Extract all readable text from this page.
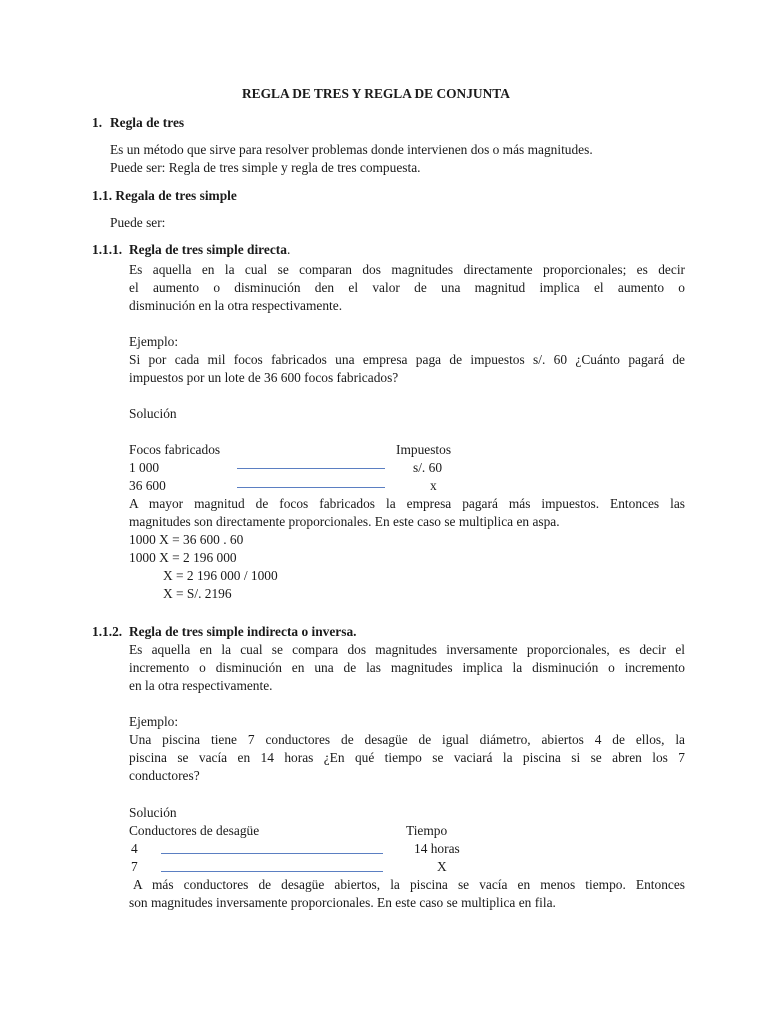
REGLA DE TRES Y REGLA DE CONJUNTA
1. Regla de tres
Es un método que sirve para resolver problemas donde intervienen dos o más magnitudes.
Puede ser: Regla de tres simple y regla de tres compuesta.
1.1. Regala de tres simple
Puede ser:
1.1.1. Regla de tres simple directa.
Es aquella en la cual se comparan dos magnitudes directamente proporcionales; es decir
el aumento o disminución den el valor de una magnitud implica el aumento o
disminución en la otra respectivamente.
Ejemplo:
Si por cada mil focos fabricados una empresa paga de impuestos s/. 60 ¿Cuánto pagará de
impuestos por un lote de 36 600 focos fabricados?
Solución
Focos fabricados	Impuestos
1 000	s/. 60
36 600	x
A mayor magnitud de focos fabricados la empresa pagará más impuestos. Entonces las
magnitudes son directamente proporcionales. En este caso se multiplica en aspa.
1000 X = 36 600 . 60
1000 X = 2 196 000
X = 2 196 000 / 1000
X = S/. 2196
1.1.2. Regla de tres simple indirecta o inversa.
Es aquella en la cual se compara dos magnitudes inversamente proporcionales, es decir el
incremento o disminución en una de las magnitudes implica la disminución o incremento
en la otra respectivamente.
Ejemplo:
Una piscina tiene 7 conductores de desagüe de igual diámetro, abiertos 4 de ellos, la
piscina se vacía en 14 horas ¿En qué tiempo se vaciará la piscina si se abren los 7
conductores?
Solución
Conductores de desagüe	Tiempo
4	14 horas
7	X
A más conductores de desagüe abiertos, la piscina se vacía en menos tiempo. Entonces
son magnitudes inversamente proporcionales. En este caso se multiplica en fila.
